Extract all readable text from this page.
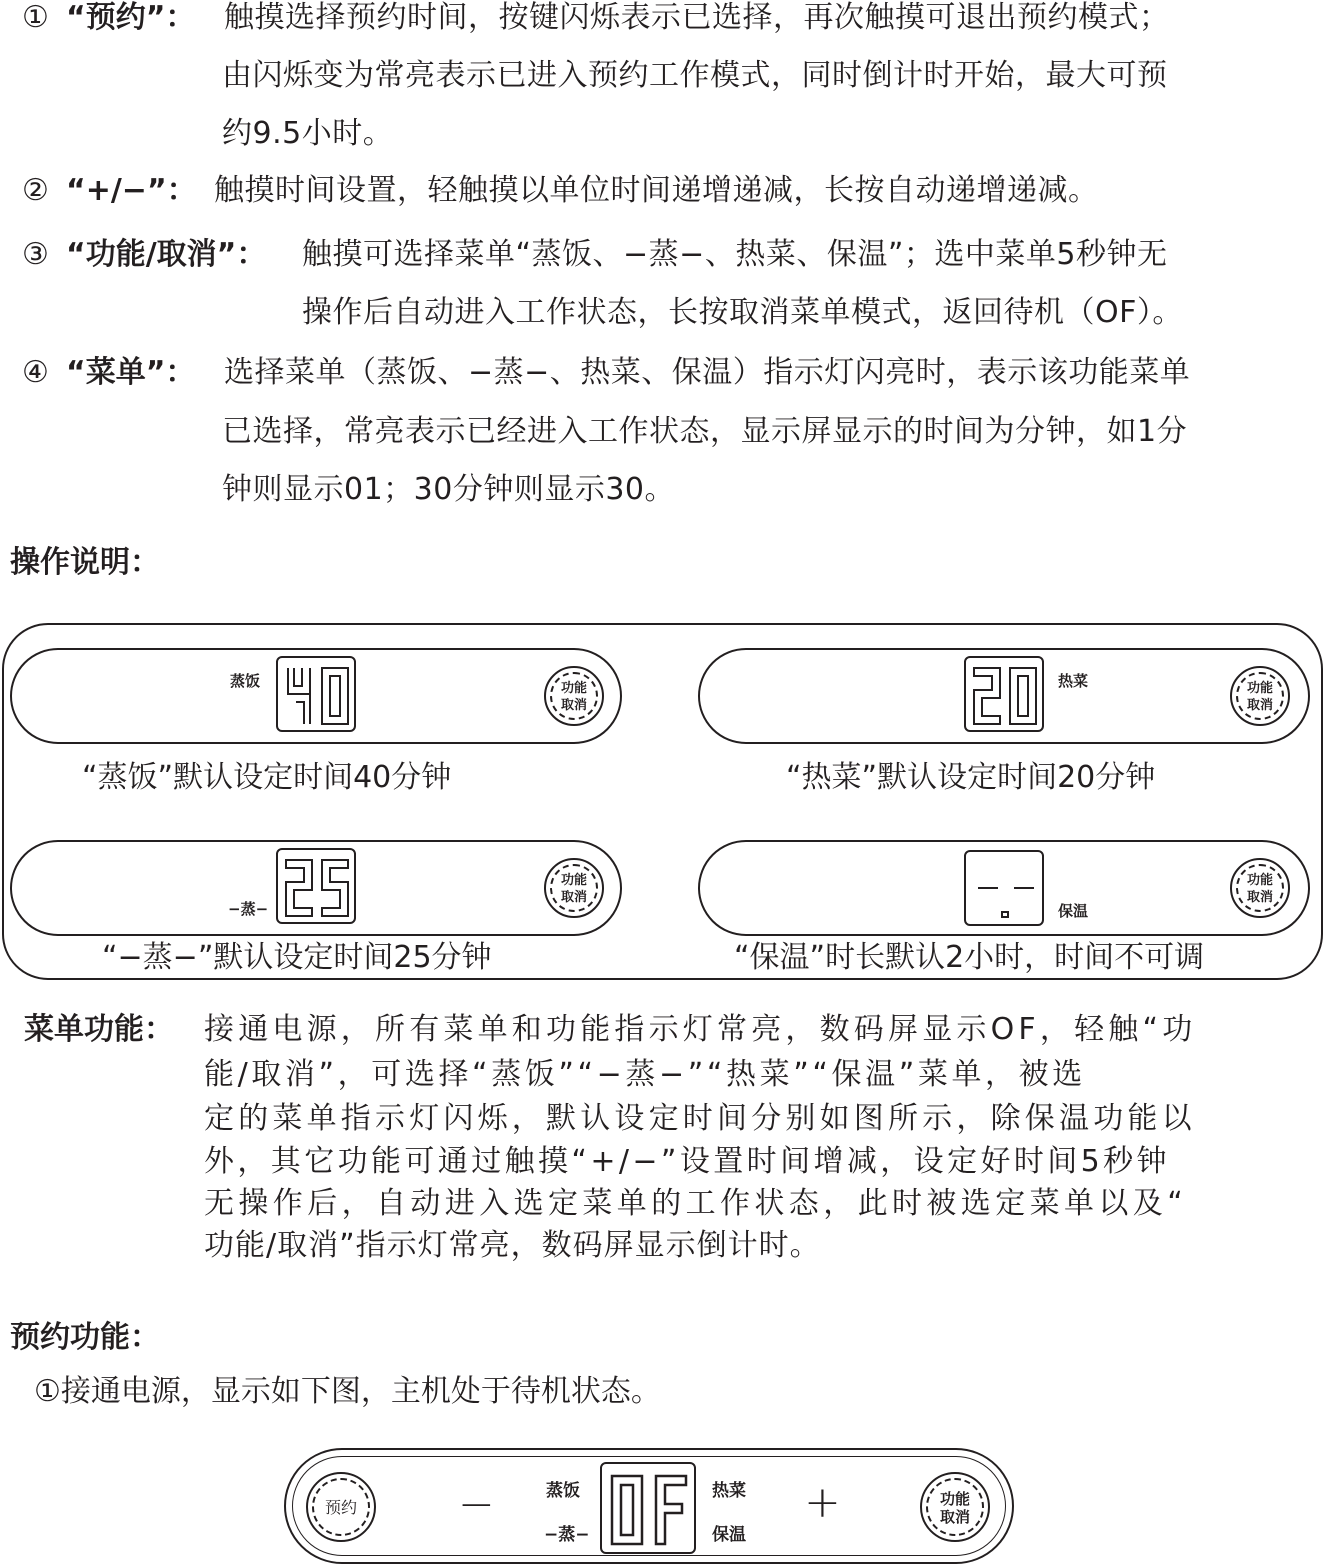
① “预约”： 触摸选择预约时间，按键闪烁表示已选择，再次触摸可退出预约模式；
由闪烁变为常亮表示已进入预约工作模式，同时倒计时开始，最大可预
约9.5小时。
② “+/−”： 触摸时间设置，轻触摸以单位时间递增递减，长按自动递增递减。
③ “功能/取消”： 触摸可选择菜单“蒸饭、−蒸−、热菜、保温”；选中菜单5秒钟无
操作后自动进入工作状态，长按取消菜单模式，返回待机（OF）。
④ “菜单”： 选择菜单（蒸饭、−蒸−、热菜、保温）指示灯闪亮时，表示该功能菜单
已选择，常亮表示已经进入工作状态，显示屏显示的时间为分钟，如1分
钟则显示01；30分钟则显示30。
操作说明：
蒸饭	功能
取消
“蒸饭”默认设定时间40分钟
热菜	功能
取消
“热菜”默认设定时间20分钟
−蒸−
功能
取消
“−蒸−”默认设定时间25分钟
保温
功能
取消
“保温”时长默认2小时，时间不可调
菜单功能： 接通电源，所有菜单和功能指示灯常亮，数码屏显示OF，轻触“功
能/取消”，可选择“蒸饭”“−蒸−”“热菜”“保温”菜单，被选
定的菜单指示灯闪烁，默认设定时间分别如图所示，除保温功能以
外，其它功能可通过触摸“+/−”设置时间增减，设定好时间5秒钟
无操作后，自动进入选定菜单的工作状态，此时被选定菜单以及“
功能/取消”指示灯常亮，数码屏显示倒计时。
预约功能：
①接通电源，显示如下图，主机处于待机状态。
预约	−	蒸饭
−蒸−
热菜
保温
+	功能
取消
